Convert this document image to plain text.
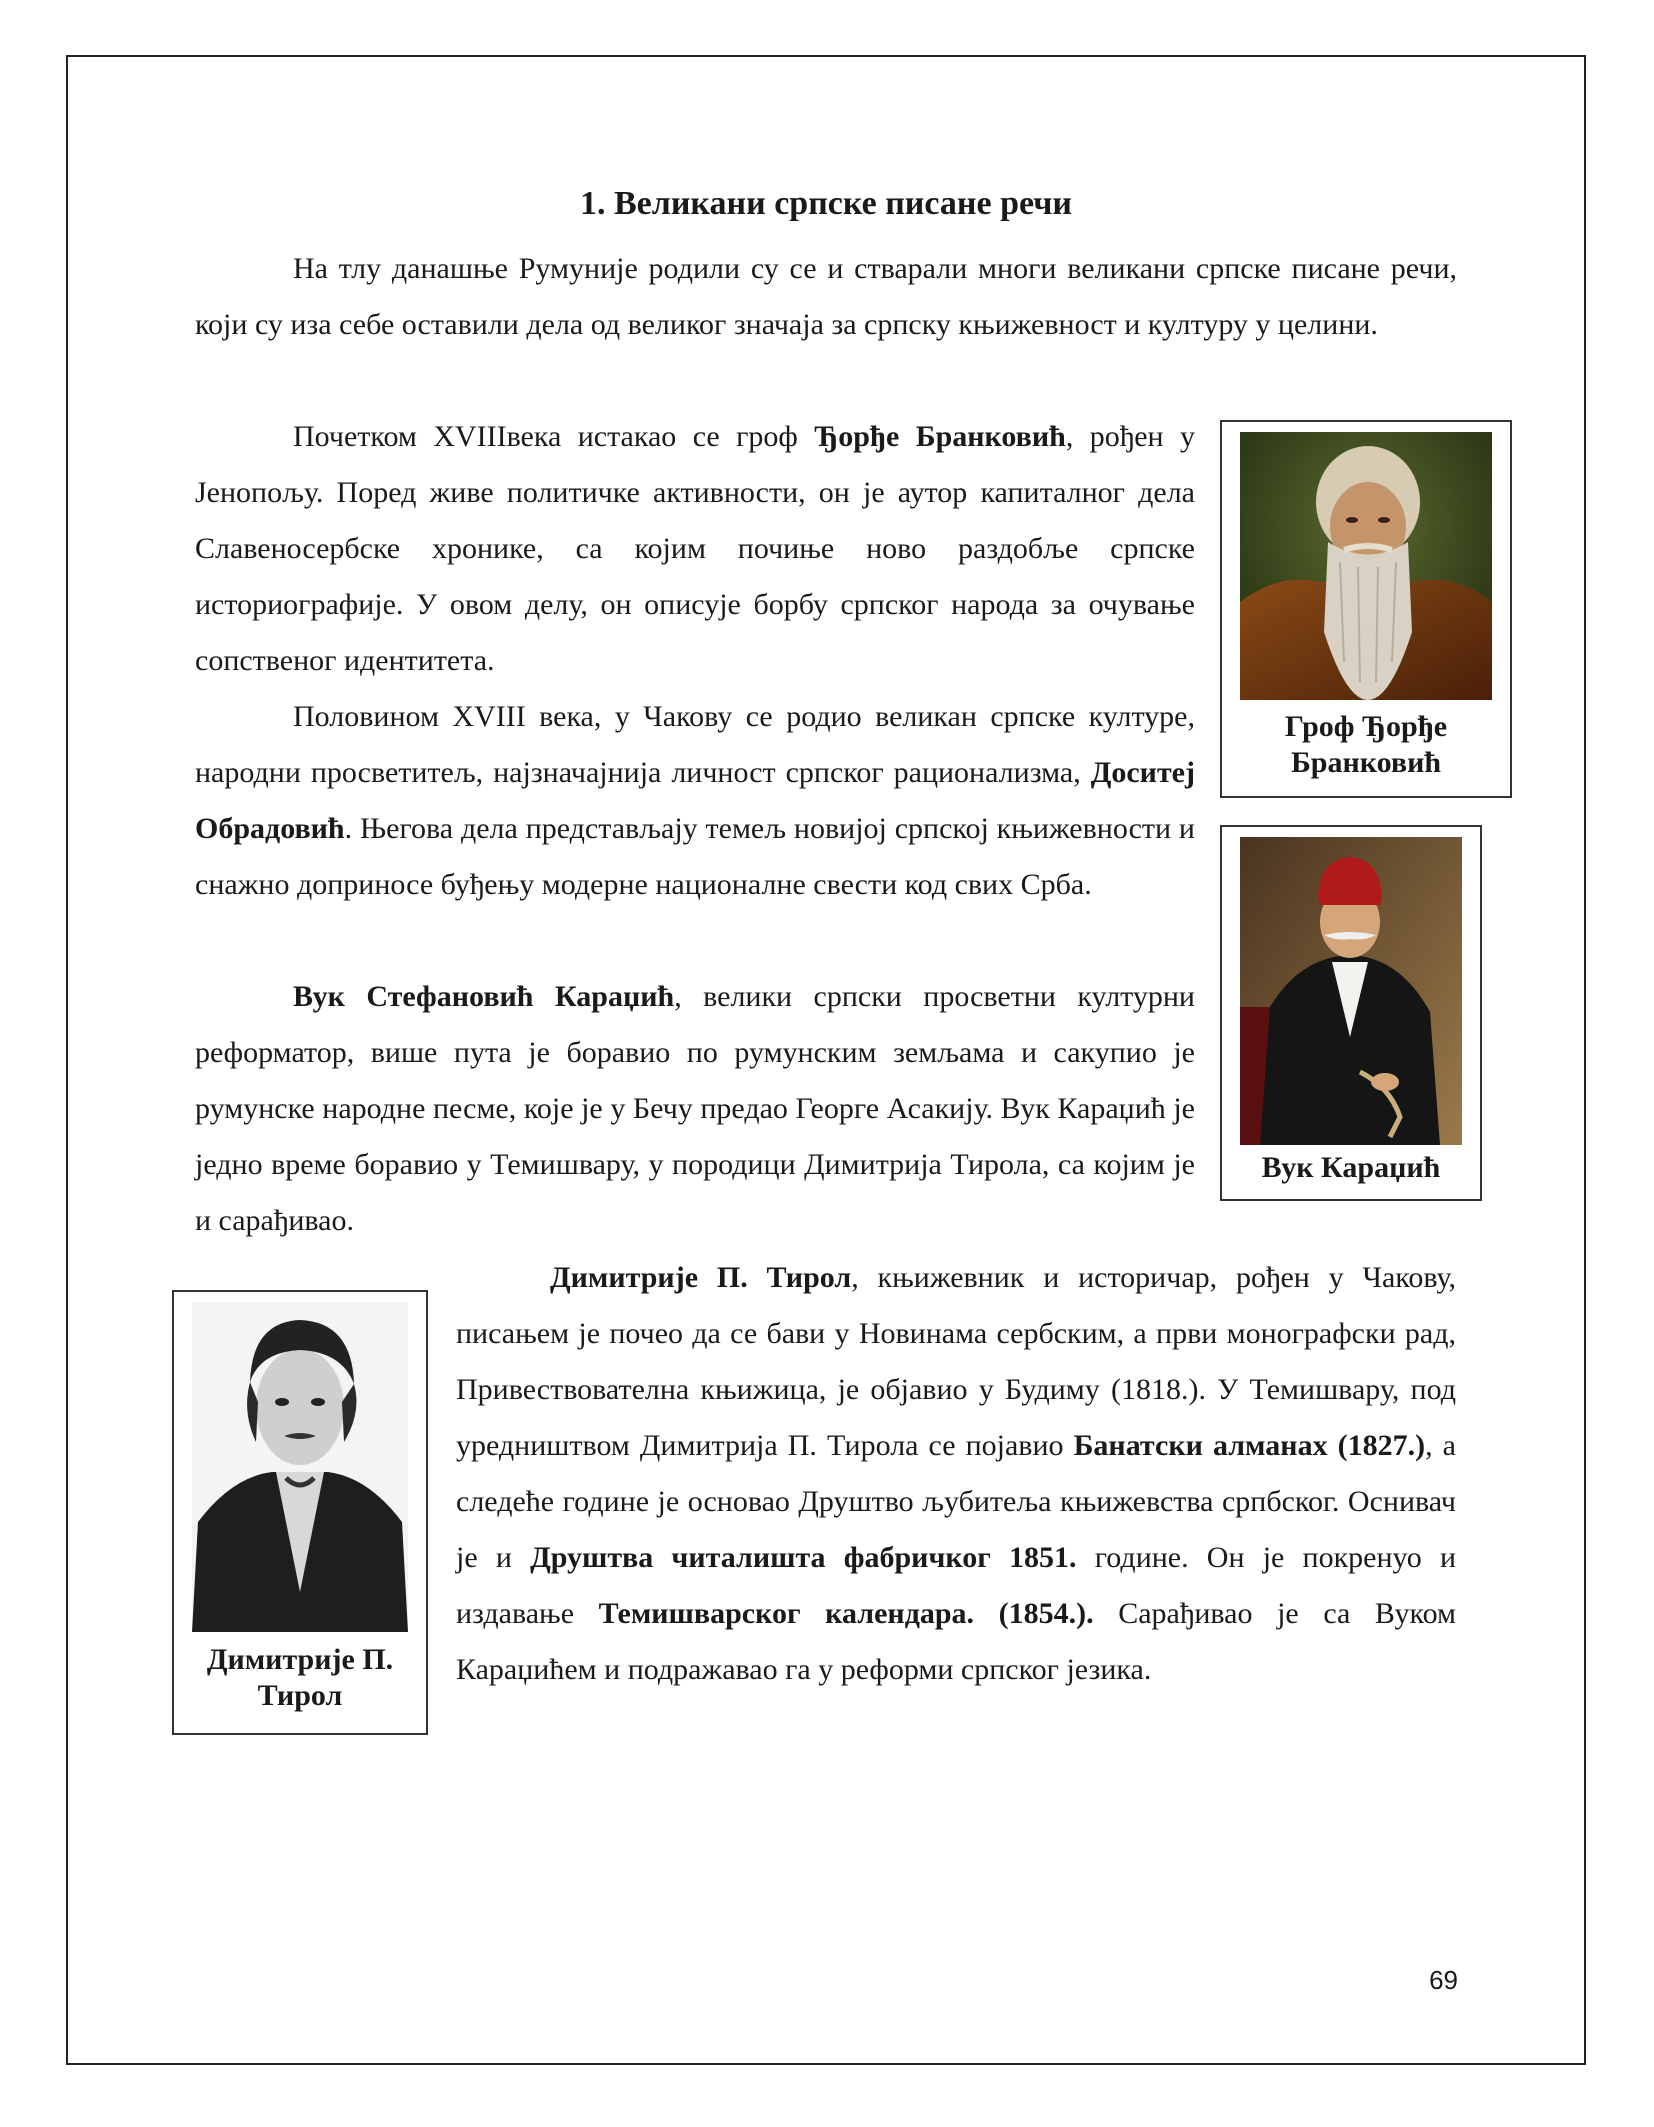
1. Великани српске писане речи

На тлу данашње Румуније родили су се и стварали многи великани српске писане речи, који су иза себе оставили дела од великог значаја за српску књижевност и културу у целини.

Почетком XVIIIвека истакао се гроф Ђорђе Бранковић, рођен у Јенопољу. Поред живе политичке активности, он је аутор капиталног дела Славеносербске хронике, са којим почиње ново раздобље српске историографије. У овом делу, он описује борбу српског народа за очување сопственог идентитета.

Половином XVIII века, у Чакову се родио великан српске културе, народни просветитељ, најзначајнија личност српског рационализма, Доситеј Обрадовић. Његова дела представљају темељ новијој српској књижевности и снажно доприносе буђењу модерне националне свести код свих Срба.

Вук Стефановић Караџић, велики српски просветни културни реформатор, више пута је боравио по румунским земљама и сакупио је румунске народне песме, које је у Бечу предао Георге Асакију. Вук Караџић је једно време боравио у Темишвару, у породици Димитрија Тирола, са којим је и сарађивао.

Димитрије П. Тирол, књижевник и историчар, рођен у Чакову, писањем је почео да се бави у Новинама сербским, а први монографски рад, Привествователна књижица, је објавио у Будиму (1818.). У Темишвару, под уредништвом Димитрија П. Тирола се појавио Банатски алманах (1827.), а следеће године је основао Друштво љубитеља књижевства српбског. Оснивач је и Друштва читалишта фабричког 1851. године. Он је покренуо и издавање Темишварског календара. (1854.). Сарађивао је са Вуком Караџићем и подражавао га у реформи српског језика.

Гроф Ђорђе Бранковић
Вук Караџић
Димитрије П. Тирол
69
